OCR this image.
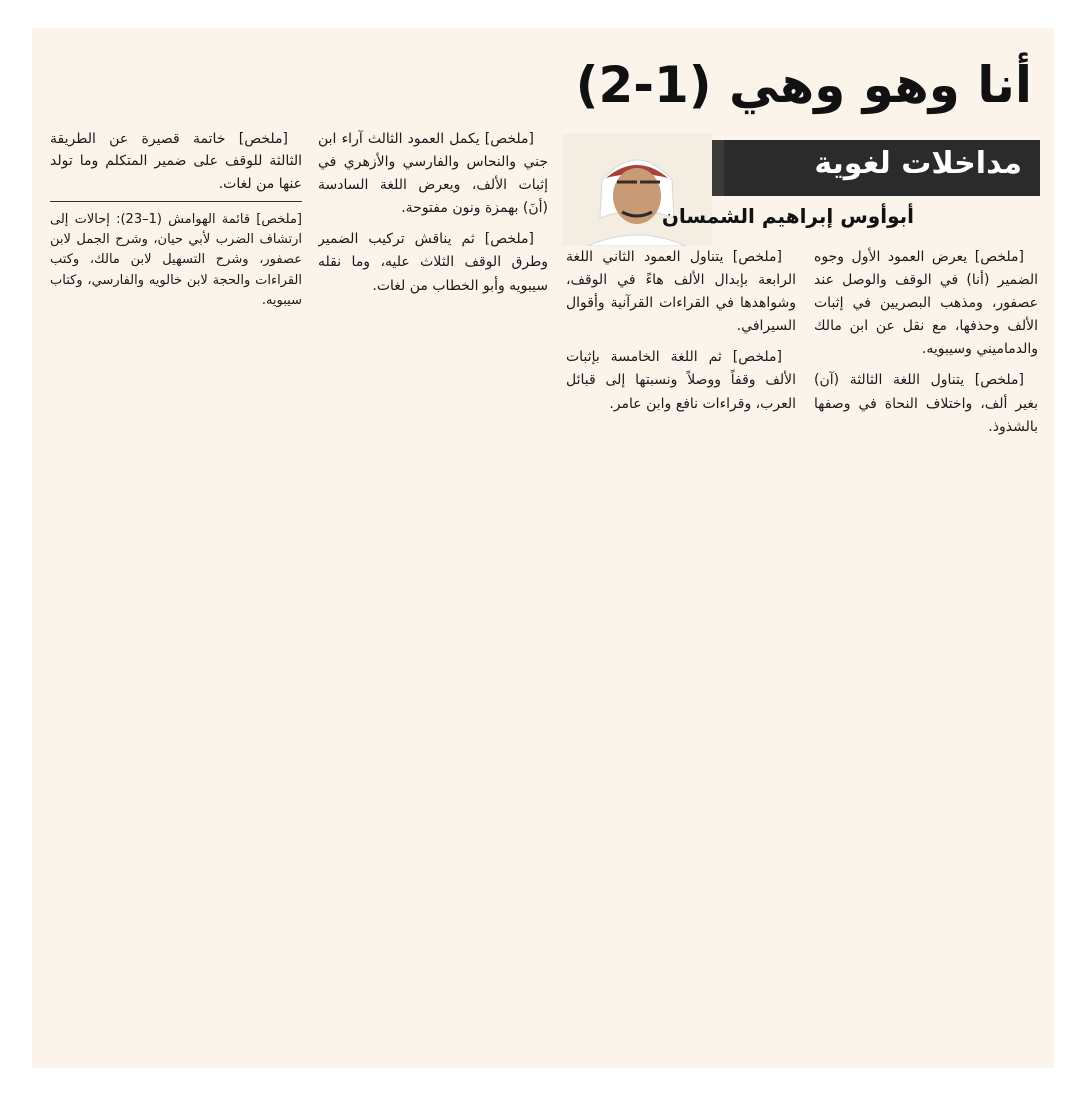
أنا وهو وهي (1-2)
مداخلات لغوية

أبوأوس إبراهيم الشمسان

[ملخص] يعرض العمود الأول وجوه الضمير (أنا) في الوقف والوصل عند عصفور، ومذهب البصريين في إثبات الألف وحذفها، مع نقل عن ابن مالك والدماميني وسيبويه.

[ملخص] يتناول اللغة الثالثة (آن) بغير ألف، واختلاف النحاة في وصفها بالشذوذ.

[ملخص] يتناول العمود الثاني اللغة الرابعة بإبدال الألف هاءً في الوقف، وشواهدها في القراءات القرآنية وأقوال السيرافي.

[ملخص] ثم اللغة الخامسة بإثبات الألف وقفاً ووصلاً ونسبتها إلى قبائل العرب، وقراءات نافع وابن عامر.

[ملخص] يكمل العمود الثالث آراء ابن جني والنحاس والفارسي والأزهري في إثبات الألف، ويعرض اللغة السادسة (أنَ) بهمزة ونون مفتوحة.

[ملخص] ثم يناقش تركيب الضمير وطرق الوقف الثلاث عليه، وما نقله سيبويه وأبو الخطاب من لغات.

[ملخص] خاتمة قصيرة عن الطريقة الثالثة للوقف على ضمير المتكلم وما تولد عنها من لغات.

[ملخص] قائمة الهوامش (1–23): إحالات إلى ارتشاف الضرب لأبي حيان، وشرح الجمل لابن عصفور، وشرح التسهيل لابن مالك، وكتب القراءات والحجة لابن خالويه والفارسي، وكتاب سيبويه.
